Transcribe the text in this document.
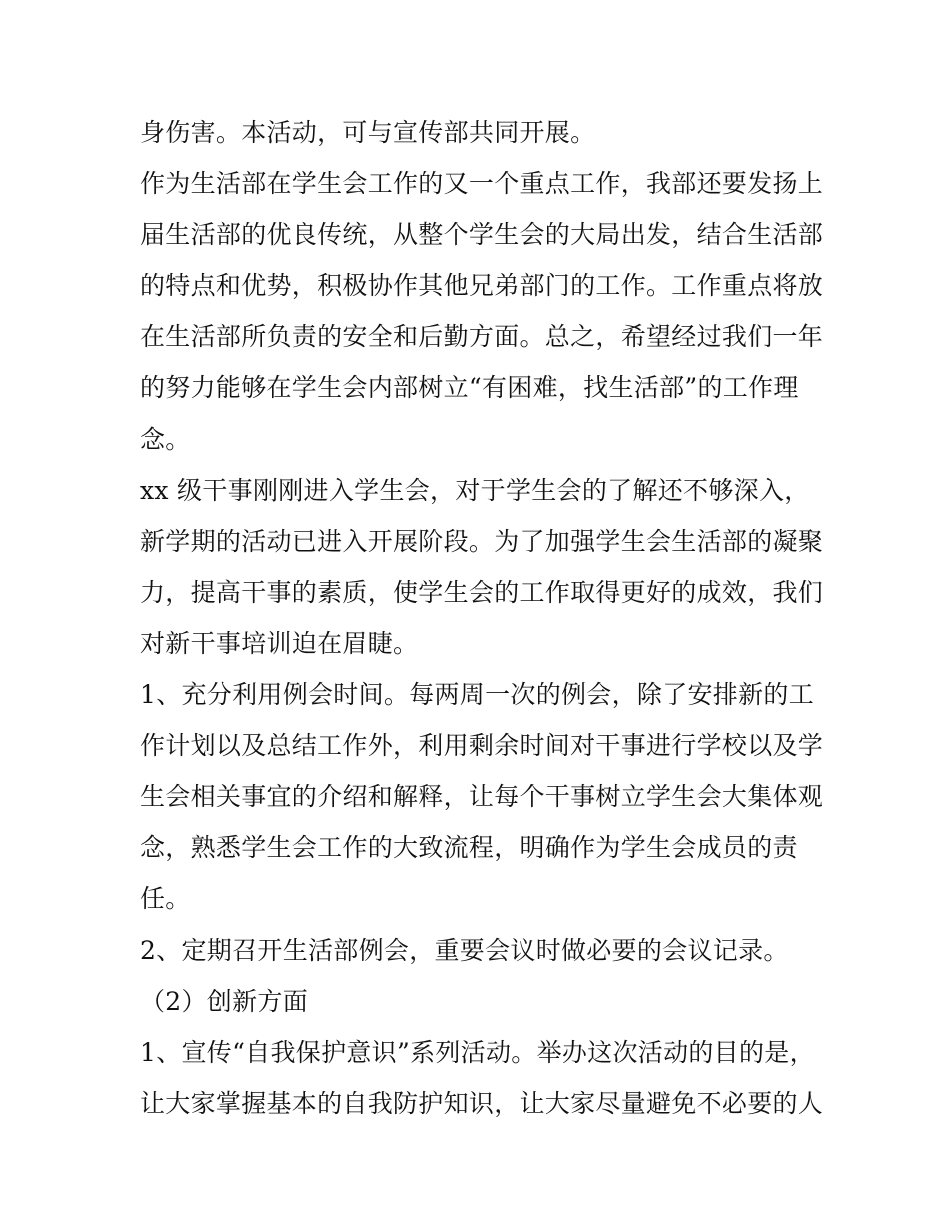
身伤害。本活动，可与宣传部共同开展。
作为生活部在学生会工作的又一个重点工作，我部还要发扬上
届生活部的优良传统，从整个学生会的大局出发，结合生活部
的特点和优势，积极协作其他兄弟部门的工作。工作重点将放
在生活部所负责的安全和后勤方面。总之，希望经过我们一年
的努力能够在学生会内部树立“有困难，找生活部”的工作理
念。
xx 级干事刚刚进入学生会，对于学生会的了解还不够深入，
新学期的活动已进入开展阶段。为了加强学生会生活部的凝聚
力，提高干事的素质，使学生会的工作取得更好的成效，我们
对新干事培训迫在眉睫。
1、充分利用例会时间。每两周一次的例会，除了安排新的工
作计划以及总结工作外，利用剩余时间对干事进行学校以及学
生会相关事宜的介绍和解释，让每个干事树立学生会大集体观
念，熟悉学生会工作的大致流程，明确作为学生会成员的责
任。
2、定期召开生活部例会，重要会议时做必要的会议记录。
（2）创新方面
1、宣传“自我保护意识”系列活动。举办这次活动的目的是，
让大家掌握基本的自我防护知识，让大家尽量避免不必要的人
